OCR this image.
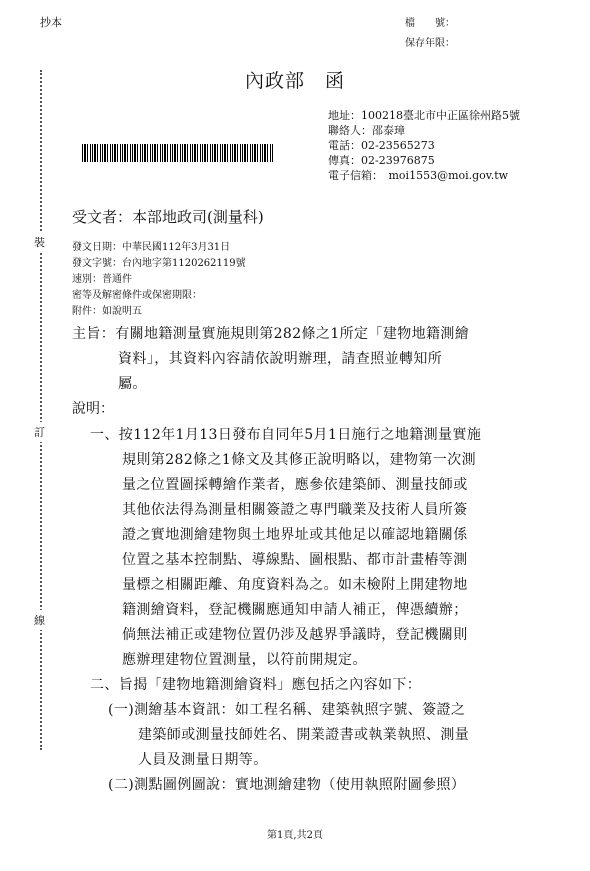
抄本	檔　　號：
保存年限：
裝
訂
線
內政部　函
地址：100218臺北市中正區徐州路5號
聯絡人：邵泰璋
電話：02-23565273
傳真：02-23976875
電子信箱：　moi1553@moi.gov.tw
受文者：本部地政司(測量科)
發文日期：中華民國112年3月31日
發文字號：台內地字第1120262119號
速別：普通件
密等及解密條件或保密期限：
附件：如說明五
主旨：有關地籍測量實施規則第282條之1所定「建物地籍測繪
資料」，其資料內容請依說明辦理，請查照並轉知所
屬。
說明：
一、按112年1月13日發布自同年5月1日施行之地籍測量實施
規則第282條之1條文及其修正說明略以，建物第一次測
量之位置圖採轉繪作業者，應參依建築師、測量技師或
其他依法得為測量相關簽證之專門職業及技術人員所簽
證之實地測繪建物與土地界址或其他足以確認地籍關係
位置之基本控制點、導線點、圖根點、都市計畫樁等測
量標之相關距離、角度資料為之。如未檢附上開建物地
籍測繪資料，登記機關應通知申請人補正，俾憑續辦；
倘無法補正或建物位置仍涉及越界爭議時，登記機關則
應辦理建物位置測量，以符前開規定。
二、旨揭「建物地籍測繪資料」應包括之內容如下：
(一)測繪基本資訊：如工程名稱、建築執照字號、簽證之
建築師或測量技師姓名、開業證書或執業執照、測量
人員及測量日期等。
(二)測點圖例圖說：實地測繪建物（使用執照附圖參照）
第1頁,共2頁
